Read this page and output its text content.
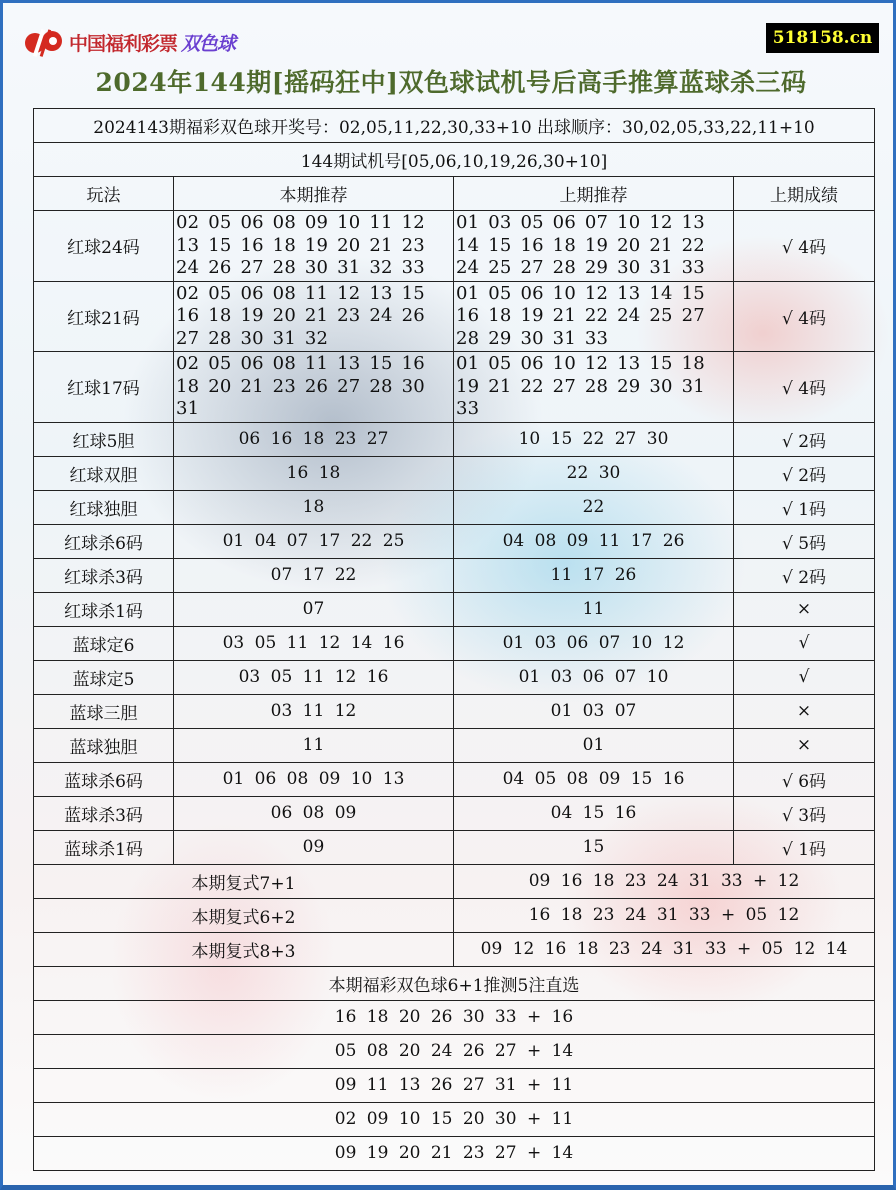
中国福利彩票 双色球	518158.cn
2024年144期[摇码狂中]双色球试机号后高手推算蓝球杀三码
2024143期福彩双色球开奖号：02,05,11,22,30,33+10 出球顺序：30,02,05,33,22,11+10			
144期试机号[05,06,10,19,26,30+10]			
玩法	本期推荐	上期推荐	上期成绩
红球24码	02 05 06 08 09 10 11 12 13 15 16 18 19 20 21 23 24 26 27 28 30 31 32 33	01 03 05 06 07 10 12 13 14 15 16 18 19 20 21 22 24 25 27 28 29 30 31 33	√ 4码
红球21码	02 05 06 08 11 12 13 15 16 18 19 20 21 23 24 26 27 28 30 31 32	01 05 06 10 12 13 14 15 16 18 19 21 22 24 25 27 28 29 30 31 33	√ 4码
红球17码	02 05 06 08 11 13 15 16 18 20 21 23 26 27 28 30 31	01 05 06 10 12 13 15 18 19 21 22 27 28 29 30 31 33	√ 4码
红球5胆	06 16 18 23 27	10 15 22 27 30	√ 2码
红球双胆	16 18	22 30	√ 2码
红球独胆	18	22	√ 1码
红球杀6码	01 04 07 17 22 25	04 08 09 11 17 26	√ 5码
红球杀3码	07 17 22	11 17 26	√ 2码
红球杀1码	07	11	×
蓝球定6	03 05 11 12 14 16	01 03 06 07 10 12	√
蓝球定5	03 05 11 12 16	01 03 06 07 10	√
蓝球三胆	03 11 12	01 03 07	×
蓝球独胆	11	01	×
蓝球杀6码	01 06 08 09 10 13	04 05 08 09 15 16	√ 6码
蓝球杀3码	06 08 09	04 15 16	√ 3码
蓝球杀1码	09	15	√ 1码
本期复式7+1		09 16 18 23 24 31 33 + 12	
本期复式6+2		16 18 23 24 31 33 + 05 12	
本期复式8+3		09 12 16 18 23 24 31 33 + 05 12 14	
本期福彩双色球6+1推测5注直选			
16 18 20 26 30 33 + 16			
05 08 20 24 26 27 + 14			
09 11 13 26 27 31 + 11			
02 09 10 15 20 30 + 11			
09 19 20 21 23 27 + 14			
